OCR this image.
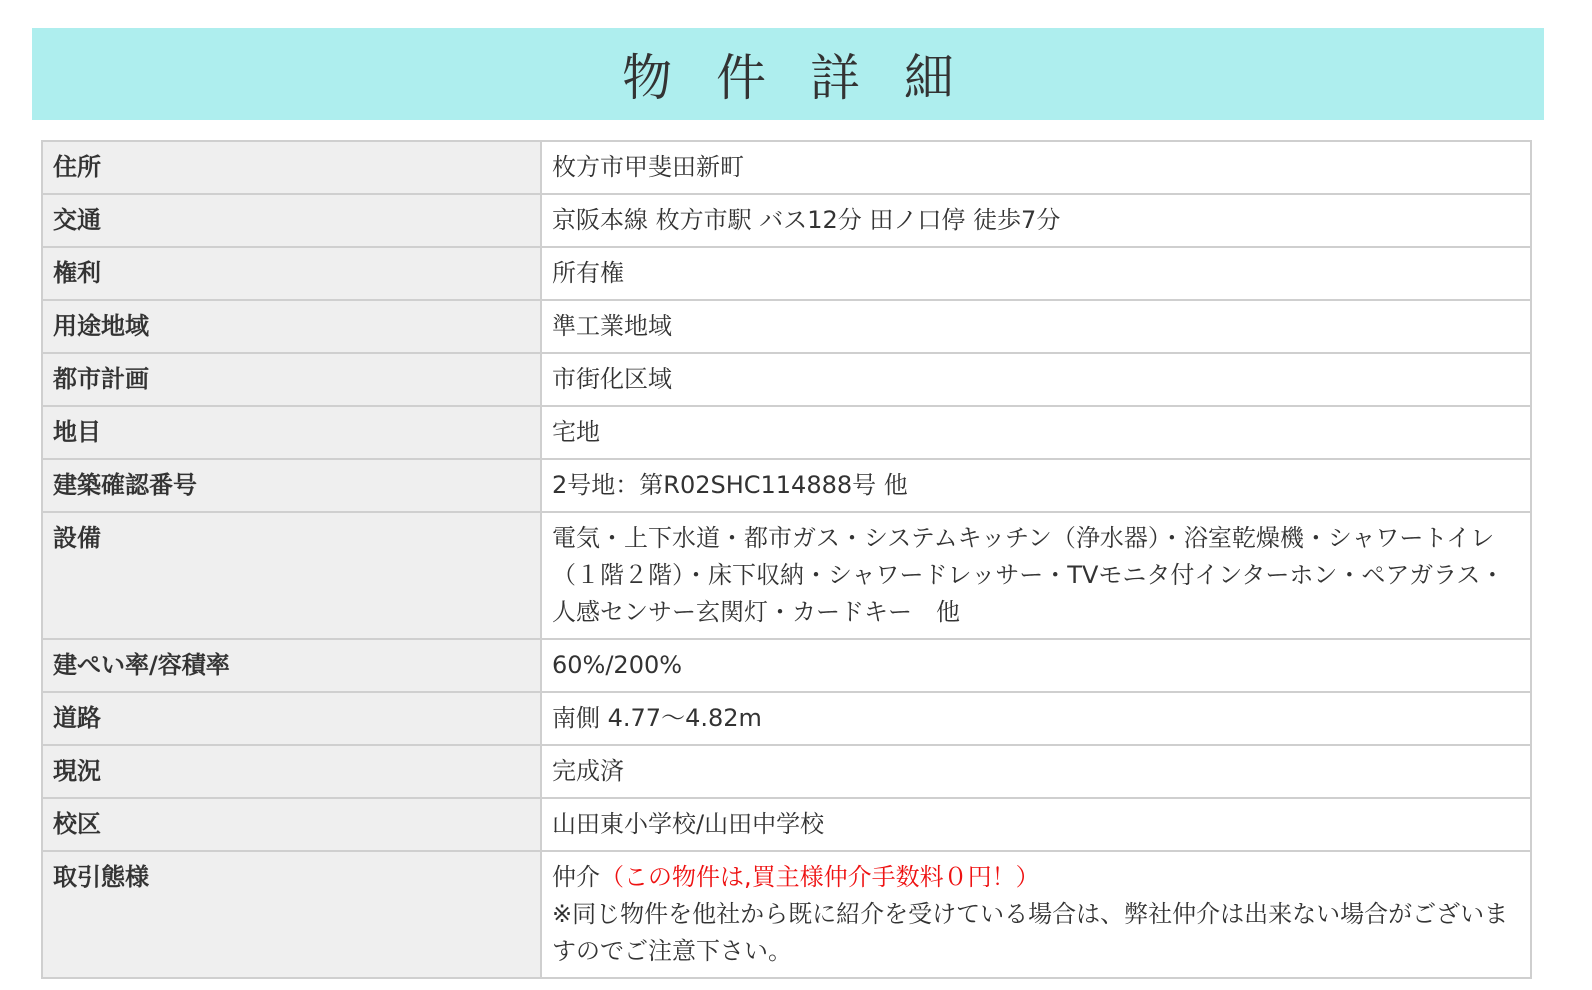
物 件 詳 細
住所	枚方市甲斐田新町
交通	京阪本線 枚方市駅 バス12分 田ノ口停 徒歩7分
権利	所有権
用途地域	準工業地域
都市計画	市街化区域
地目	宅地
建築確認番号	2号地：第R02SHC114888号 他
設備	電気・上下水道・都市ガス・システムキッチン（浄水器）・浴室乾燥機・シャワートイレ（１階２階）・床下収納・シャワードレッサー・TVモニタ付インターホン・ペアガラス・人感センサー玄関灯・カードキー　他
建ぺい率/容積率	60%/200%
道路	南側 4.77〜4.82m
現況	完成済
校区	山田東小学校/山田中学校
取引態様	仲介（この物件は,買主様仲介手数料０円！）
※同じ物件を他社から既に紹介を受けている場合は、弊社仲介は出来ない場合がございますのでご注意下さい。
